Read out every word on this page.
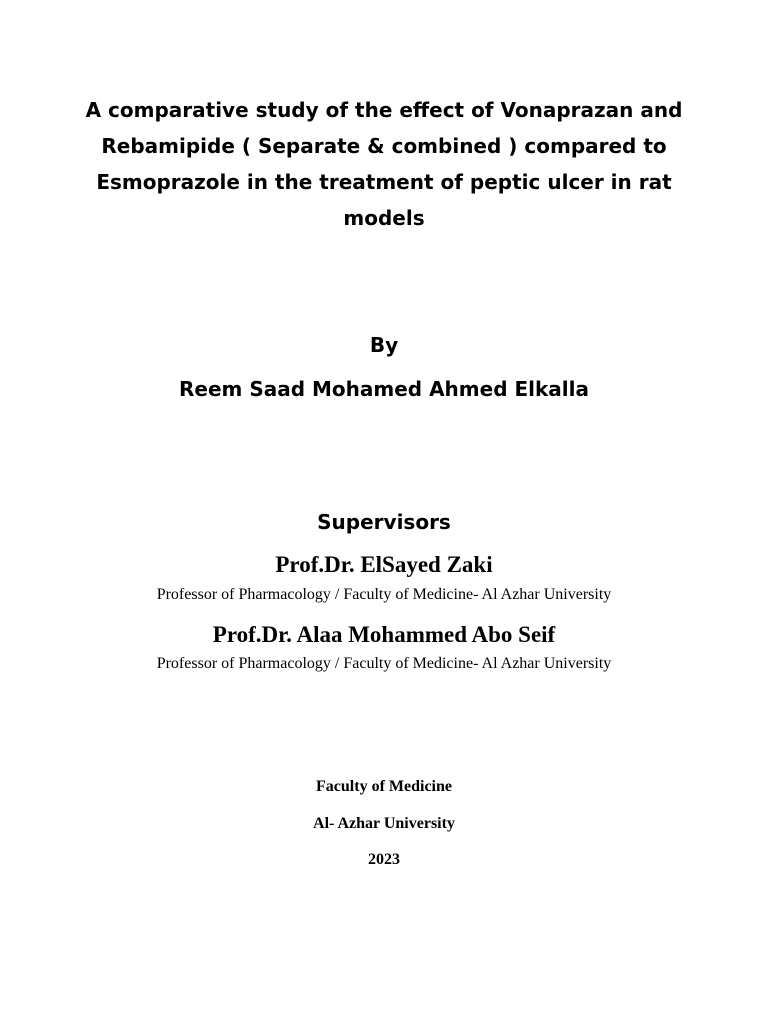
A comparative study of the effect of Vonaprazan and
Rebamipide ( Separate & combined ) compared to
Esmoprazole in the treatment of peptic ulcer in rat
models
By
Reem Saad Mohamed Ahmed Elkalla
Supervisors
Prof.Dr. ElSayed Zaki
Professor of Pharmacology / Faculty of Medicine- Al Azhar University
Prof.Dr. Alaa Mohammed Abo Seif
Professor of Pharmacology / Faculty of Medicine- Al Azhar University
Faculty of Medicine
Al- Azhar University
2023
